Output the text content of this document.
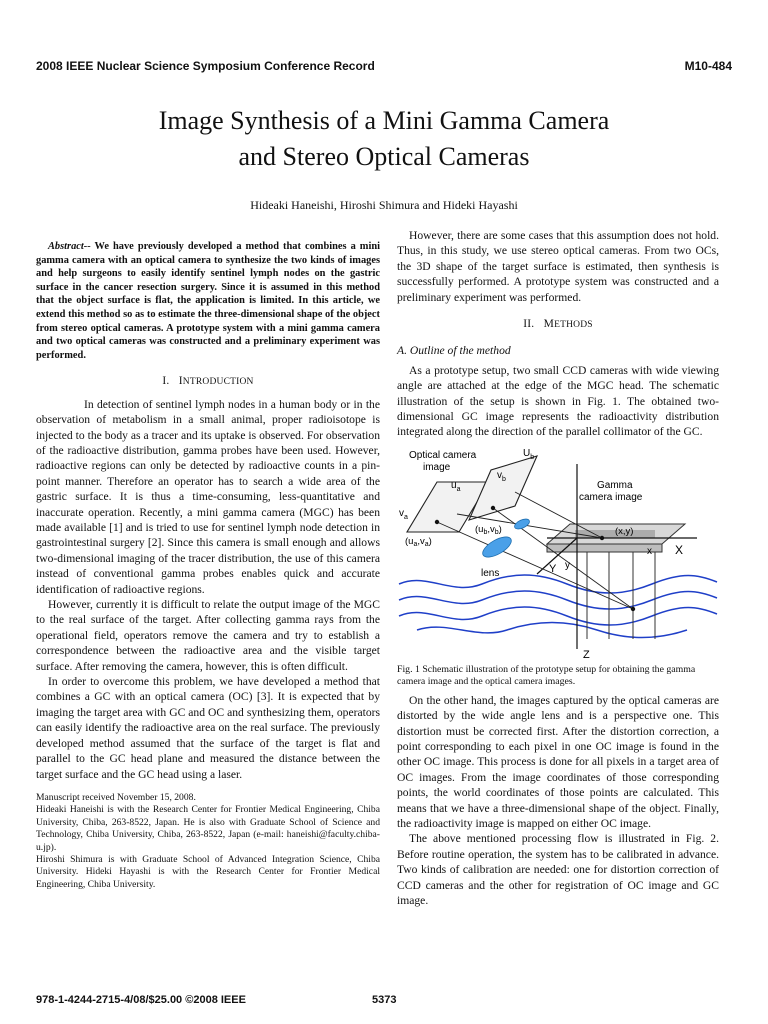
2008 IEEE Nuclear Science Symposium Conference Record	M10-484
Image Synthesis of a Mini Gamma Camera
and Stereo Optical Cameras
Hideaki Haneishi, Hiroshi Shimura and Hideki Hayashi

Abstract-- We have previously developed a method that combines a mini gamma camera with an optical camera to synthesize the two kinds of images and help surgeons to easily identify sentinel lymph nodes on the gastric surface in the cancer resection surgery. Since it is assumed in this method that the object surface is flat, the application is limited. In this article, we extend this method so as to estimate the three-dimensional shape of the object from stereo optical cameras. A prototype system with a mini gamma camera and two optical cameras was constructed and a preliminary experiment was performed.

I. INTRODUCTION

In detection of sentinel lymph nodes in a human body or in the observation of metabolism in a small animal, proper radioisotope is injected to the body as a tracer and its uptake is observed. For observation of the radioactive distribution, gamma probes have been used. However, radioactive regions can only be detected by radioactive counts in a pin-point manner. Therefore an operator has to search a wide area of the gastric surface. It is thus a time-consuming, less-quantitative and inaccurate operation. Recently, a mini gamma camera (MGC) has been made available [1] and is tried to use for sentinel lymph node detection in gastrointestinal surgery [2]. Since this camera is small enough and allows two-dimensional imaging of the tracer distribution, the use of this camera instead of conventional gamma probes enables quick and accurate identification of radioactive regions.

However, currently it is difficult to relate the output image of the MGC to the real surface of the target. After collecting gamma rays from the operational field, operators remove the camera and try to establish a correspondence between the radioactive area and the visible target surface. After removing the camera, however, this is often difficult.

In order to overcome this problem, we have developed a method that combines a GC with an optical camera (OC) [3]. It is expected that by imaging the target area with GC and OC and synthesizing them, operators can easily identify the radioactive area on the real surface. The previously developed method assumed that the surface of the target is flat and parallel to the GC head plane and measured the distance between the target surface and the GC head using a laser.

Manuscript received November 15, 2008.
Hideaki Haneishi is with the Research Center for Frontier Medical Engineering, Chiba University, Chiba, 263-8522, Japan. He is also with Graduate School of Science and Technology, Chiba University, Chiba, 263-8522, Japan (e-mail: haneishi@faculty.chiba-u.jp).
Hiroshi Shimura is with Graduate School of Advanced Integration Science, Chiba University. Hideki Hayashi is with the Research Center for Frontier Medical Engineering, Chiba University.

However, there are some cases that this assumption does not hold. Thus, in this study, we use stereo optical cameras. From two OCs, the 3D shape of the target surface is estimated, then synthesis is successfully performed. A prototype system was constructed and a preliminary experiment was performed.

II. METHODS
A. Outline of the method

As a prototype setup, two small CCD cameras with wide viewing angle are attached at the edge of the MGC head. The schematic illustration of the setup is shown in Fig. 1. The obtained two-dimensional GC image represents the radioactivity distribution integrated along the direction of the parallel collimator of the GC.

Optical camera
image
Gamma
camera image
$U_b$
$v_b$
$u_a$
$v_a$
$(u_b,v_b)$
$(u_a,v_a)$
(x,y)
x X
y
Y
Z
lens
Fig. 1 Schematic illustration of the prototype setup for obtaining the gamma camera image and the optical camera images.

On the other hand, the images captured by the optical cameras are distorted by the wide angle lens and is a perspective one. This distortion must be corrected first. After the distortion correction, a point corresponding to each pixel in one OC image is found in the other OC image. This process is done for all pixels in a target area of OC images. From the image coordinates of those corresponding points, the world coordinates of those points are calculated. This means that we have a three-dimensional shape of the object. Finally, the radioactivity image is mapped on either OC image.

The above mentioned processing flow is illustrated in Fig. 2. Before routine operation, the system has to be calibrated in advance. Two kinds of calibration are needed: one for distortion correction of CCD cameras and the other for registration of OC image and GC image.

978-1-4244-2715-4/08/$25.00 ©2008 IEEE	5373
